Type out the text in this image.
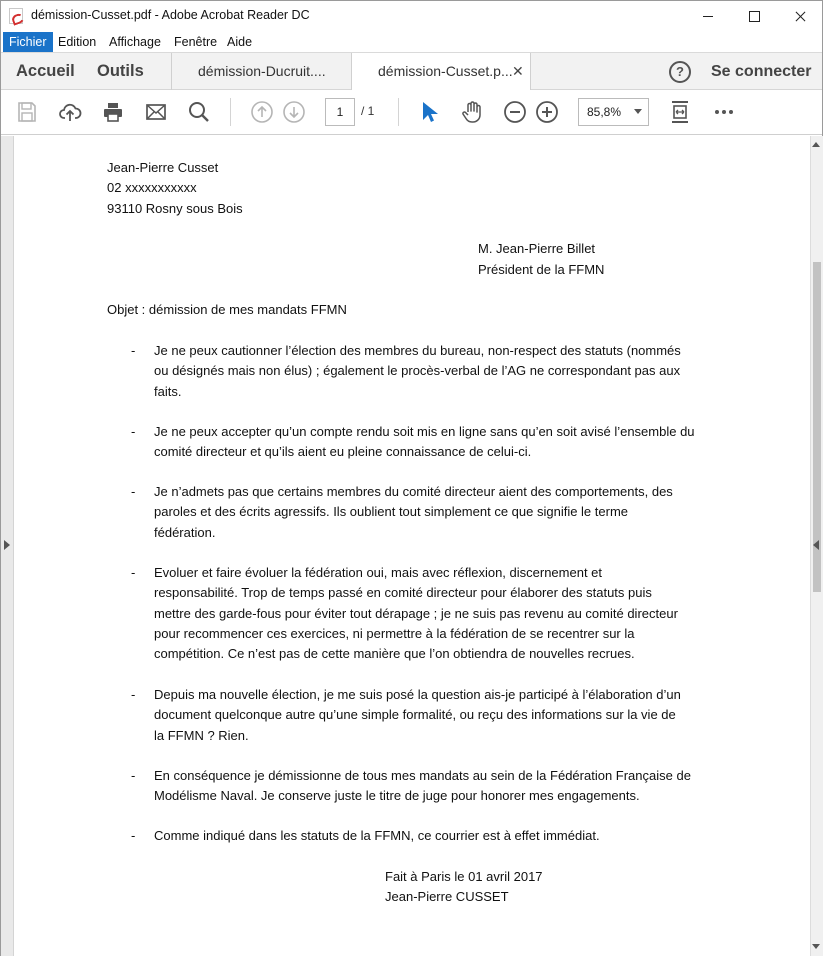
démission-Cusset.pdf - Adobe Acrobat Reader DC
Fichier Edition	Affichage	Fenêtre Aide
Accueil Outils	démission-Ducruit....	démission-Cusset.p... ✕	?	Se connecter
1	/ 1	85,8%
Jean-Pierre Cusset
02 xxxxxxxxxxx
93110 Rosny sous Bois
M. Jean-Pierre Billet
Président de la FFMN
Objet : démission de mes mandats FFMN
- Je ne peux cautionner l’élection des membres du bureau, non-respect des statuts (nommés
ou désignés mais non élus) ; également le procès-verbal de l’AG ne correspondant pas aux
faits.
- Je ne peux accepter qu’un compte rendu soit mis en ligne sans qu’en soit avisé l’ensemble du
comité directeur et qu’ils aient eu pleine connaissance de celui-ci.
- Je n’admets pas que certains membres du comité directeur aient des comportements, des
paroles et des écrits agressifs. Ils oublient tout simplement ce que signifie le terme
fédération.
- Evoluer et faire évoluer la fédération oui, mais avec réflexion, discernement et
responsabilité. Trop de temps passé en comité directeur pour élaborer des statuts puis
mettre des garde-fous pour éviter tout dérapage ; je ne suis pas revenu au comité directeur
pour recommencer ces exercices, ni permettre à la fédération de se recentrer sur la
compétition. Ce n’est pas de cette manière que l’on obtiendra de nouvelles recrues.
- Depuis ma nouvelle élection, je me suis posé la question ais-je participé à l’élaboration d’un
document quelconque autre qu’une simple formalité, ou reçu des informations sur la vie de
la FFMN ? Rien.
- En conséquence je démissionne de tous mes mandats au sein de la Fédération Française de
Modélisme Naval. Je conserve juste le titre de juge pour honorer mes engagements.
- Comme indiqué dans les statuts de la FFMN, ce courrier est à effet immédiat.
Fait à Paris le 01 avril 2017
Jean-Pierre CUSSET
